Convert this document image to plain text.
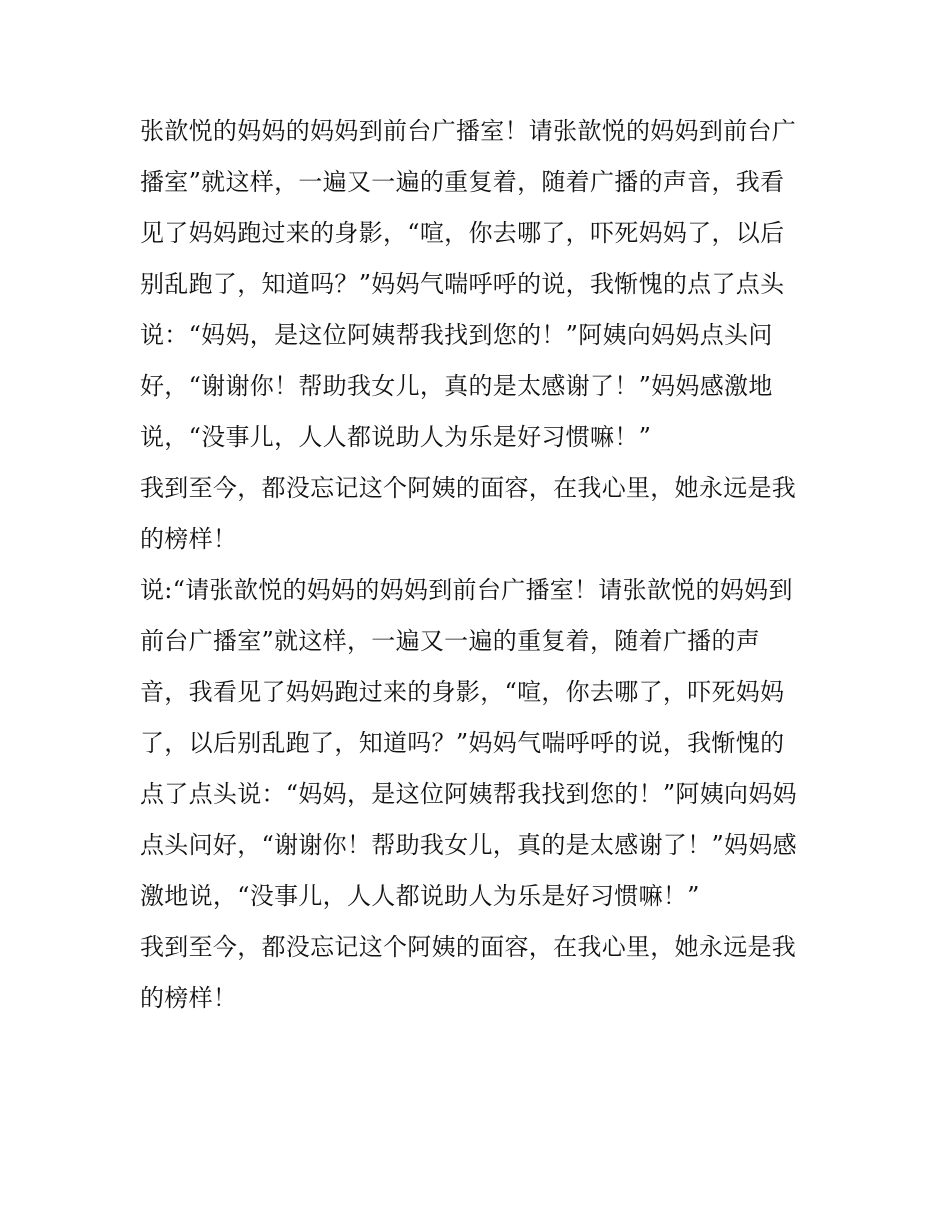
张歆悦的妈妈的妈妈到前台广播室！请张歆悦的妈妈到前台广
播室”就这样，一遍又一遍的重复着，随着广播的声音，我看
见了妈妈跑过来的身影，“喧，你去哪了，吓死妈妈了，以后
别乱跑了，知道吗？”妈妈气喘呼呼的说，我惭愧的点了点头
说：“妈妈，是这位阿姨帮我找到您的！”阿姨向妈妈点头问
好，“谢谢你！帮助我女儿，真的是太感谢了！”妈妈感激地
说，“没事儿，人人都说助人为乐是好习惯嘛！”
我到至今，都没忘记这个阿姨的面容，在我心里，她永远是我
的榜样！
说:“请张歆悦的妈妈的妈妈到前台广播室！请张歆悦的妈妈到
前台广播室”就这样，一遍又一遍的重复着，随着广播的声
音，我看见了妈妈跑过来的身影，“喧，你去哪了，吓死妈妈
了，以后别乱跑了，知道吗？”妈妈气喘呼呼的说，我惭愧的
点了点头说：“妈妈，是这位阿姨帮我找到您的！”阿姨向妈妈
点头问好，“谢谢你！帮助我女儿，真的是太感谢了！”妈妈感
激地说，“没事儿，人人都说助人为乐是好习惯嘛！”
我到至今，都没忘记这个阿姨的面容，在我心里，她永远是我
的榜样！
